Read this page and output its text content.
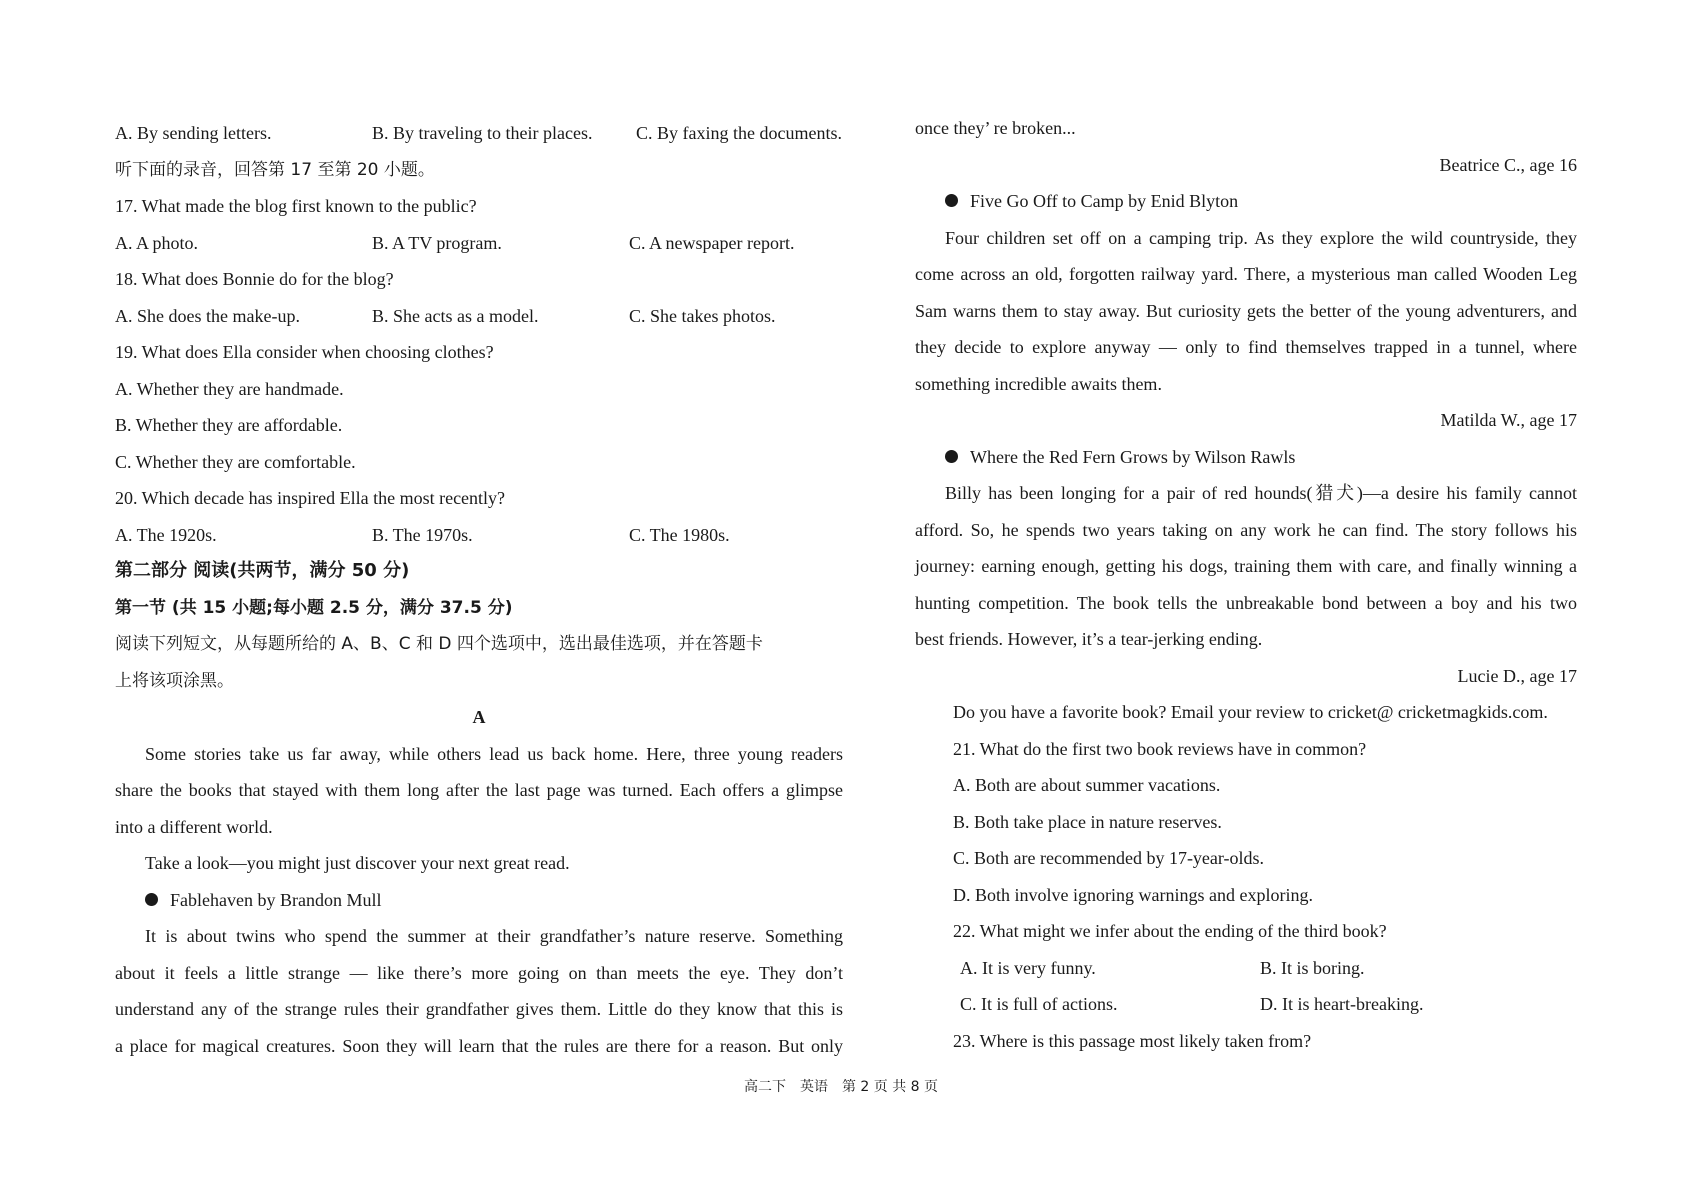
A. By sending letters.	B. By traveling to their places.	C. By faxing the documents.
听下面的录音，回答第 17 至第 20 小题。
17. What made the blog first known to the public?
A. A photo.	B. A TV program.	C. A newspaper report.
18. What does Bonnie do for the blog?
A. She does the make-up.	B. She acts as a model.	C. She takes photos.
19. What does Ella consider when choosing clothes?
A. Whether they are handmade.
B. Whether they are affordable.
C. Whether they are comfortable.
20. Which decade has inspired Ella the most recently?
A. The 1920s.	B. The 1970s.	C. The 1980s.
第二部分 阅读(共两节，满分 50 分)
第一节 (共 15 小题;每小题 2.5 分，满分 37.5 分)
阅读下列短文，从每题所给的 A、B、C 和 D 四个选项中，选出最佳选项，并在答题卡
上将该项涂黑。
A
Some stories take us far away, while others lead us back home. Here, three young readers
share the books that stayed with them long after the last page was turned. Each offers a glimpse
into a different world.
Take a look—you might just discover your next great read.
Fablehaven by Brandon Mull
It is about twins who spend the summer at their grandfather’s nature reserve. Something
about it feels a little strange — like there’s more going on than meets the eye. They don’t
understand any of the strange rules their grandfather gives them. Little do they know that this is
a place for magical creatures. Soon they will learn that the rules are there for a reason. But only
once they’ re broken...
Beatrice C., age 16
Five Go Off to Camp by Enid Blyton
Four children set off on a camping trip. As they explore the wild countryside, they
come across an old, forgotten railway yard. There, a mysterious man called Wooden Leg
Sam warns them to stay away. But curiosity gets the better of the young adventurers, and
they decide to explore anyway — only to find themselves trapped in a tunnel, where
something incredible awaits them.
Matilda W., age 17
Where the Red Fern Grows by Wilson Rawls
Billy has been longing for a pair of red hounds(猎犬)—a desire his family cannot
afford. So, he spends two years taking on any work he can find. The story follows his
journey: earning enough, getting his dogs, training them with care, and finally winning a
hunting competition. The book tells the unbreakable bond between a boy and his two
best friends. However, it’s a tear-jerking ending.
Lucie D., age 17
Do you have a favorite book? Email your review to cricket@ cricketmagkids.com.
21. What do the first two book reviews have in common?
A. Both are about summer vacations.
B. Both take place in nature reserves.
C. Both are recommended by 17-year-olds.
D. Both involve ignoring warnings and exploring.
22. What might we infer about the ending of the third book?
A. It is very funny.	B. It is boring.
C. It is full of actions.	D. It is heart-breaking.
23. Where is this passage most likely taken from?
高二下　英语　第 2 页 共 8 页
